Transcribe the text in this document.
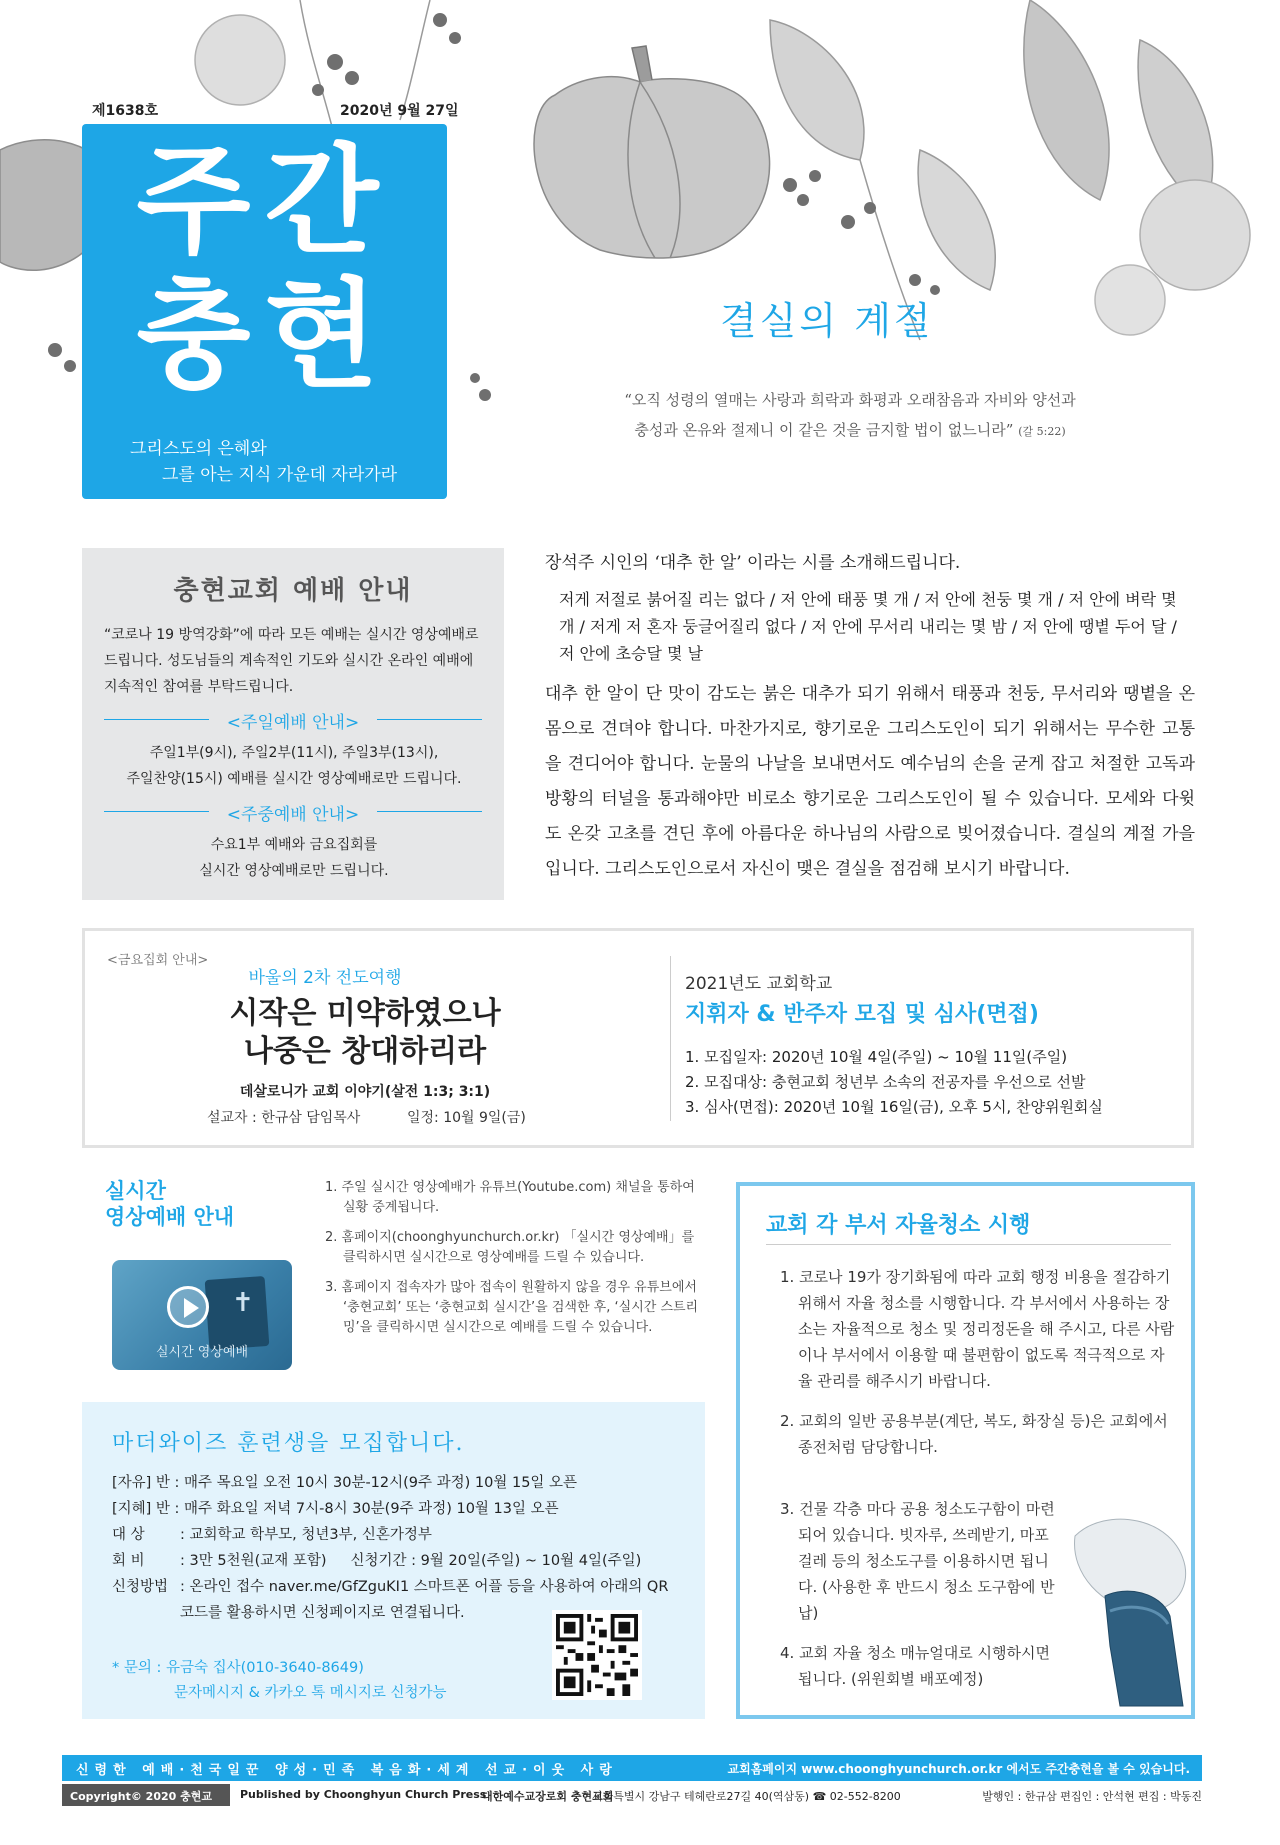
제1638호	2020년 9월 27일
주간
충현
그리스도의 은혜와
그를 아는 지식 가운데 자라가라
결실의 계절
“오직 성령의 열매는 사랑과 희락과 화평과 오래참음과 자비와 양선과
충성과 온유와 절제니 이 같은 것을 금지할 법이 없느니라” (갈 5:22)
충현교회 예배 안내
“코로나 19 방역강화”에 따라 모든 예배는 실시간 영상예배로 드립니다. 성도님들의 계속적인 기도와 실시간 온라인 예배에 지속적인 참여를 부탁드립니다.
<주일예배 안내>
주일1부(9시), 주일2부(11시), 주일3부(13시),
주일찬양(15시) 예배를 실시간 영상예배로만 드립니다.
<주중예배 안내>
수요1부 예배와 금요집회를
실시간 영상예배로만 드립니다.
장석주 시인의 ‘대추 한 알’ 이라는 시를 소개해드립니다.
저게 저절로 붉어질 리는 없다 / 저 안에 태풍 몇 개 / 저 안에 천둥 몇 개 / 저 안에 벼락 몇 개 / 저게 저 혼자 둥글어질리 없다 / 저 안에 무서리 내리는 몇 밤 / 저 안에 땡볕 두어 달 / 저 안에 초승달 몇 날
대추 한 알이 단 맛이 감도는 붉은 대추가 되기 위해서 태풍과 천둥, 무서리와 땡볕을 온 몸으로 견뎌야 합니다. 마찬가지로, 향기로운 그리스도인이 되기 위해서는 무수한 고통을 견디어야 합니다. 눈물의 나날을 보내면서도 예수님의 손을 굳게 잡고 처절한 고독과 방황의 터널을 통과해야만 비로소 향기로운 그리스도인이 될 수 있습니다. 모세와 다윗도 온갖 고초를 견딘 후에 아름다운 하나님의 사람으로 빚어졌습니다. 결실의 계절 가을입니다. 그리스도인으로서 자신이 맺은 결실을 점검해 보시기 바랍니다.
<금요집회 안내>
바울의 2차 전도여행
시작은 미약하였으나
나중은 창대하리라
데살로니가 교회 이야기(살전 1:3; 3:1)
설교자 : 한규삼 담임목사	일정: 10월 9일(금)
2021년도 교회학교
지휘자 & 반주자 모집 및 심사(면접)
1. 모집일자: 2020년 10월 4일(주일) ~ 10월 11일(주일)
2. 모집대상: 충현교회 청년부 소속의 전공자를 우선으로 선발
3. 심사(면접): 2020년 10월 16일(금), 오후 5시, 찬양위원회실
실시간
영상예배 안내
✝
실시간 영상예배
1. 주일 실시간 영상예배가 유튜브(Youtube.com) 채널을 통하여 실황 중계됩니다.
2. 홈페이지(choonghyunchurch.or.kr) 「실시간 영상예배」를 클릭하시면 실시간으로 영상예배를 드릴 수 있습니다.
3. 홈페이지 접속자가 많아 접속이 원활하지 않을 경우 유튜브에서 ‘충현교회’ 또는 ‘충현교회 실시간’을 검색한 후, ‘실시간 스트리밍’을 클릭하시면 실시간으로 예배를 드릴 수 있습니다.
교회 각 부서 자율청소 시행
1. 코로나 19가 장기화됨에 따라 교회 행정 비용을 절감하기 위해서 자율 청소를 시행합니다. 각 부서에서 사용하는 장소는 자율적으로 청소 및 정리정돈을 해 주시고, 다른 사람이나 부서에서 이용할 때 불편함이 없도록 적극적으로 자율 관리를 해주시기 바랍니다.
2. 교회의 일반 공용부분(계단, 복도, 화장실 등)은 교회에서 종전처럼 담당합니다.
3. 건물 각층 마다 공용 청소도구함이 마련되어 있습니다. 빗자루, 쓰레받기, 마포걸레 등의 청소도구를 이용하시면 됩니다. (사용한 후 반드시 청소 도구함에 반납)
4. 교회 자율 청소 매뉴얼대로 시행하시면 됩니다. (위원회별 배포예정)
마더와이즈 훈련생을 모집합니다.
[자유] 반 : 매주 목요일 오전 10시 30분-12시(9주 과정) 10월 15일 오픈
[지혜] 반 : 매주 화요일 저녁 7시-8시 30분(9주 과정) 10월 13일 오픈
대 상	: 교회학교 학부모, 청년3부, 신혼가정부
회 비	: 3만 5천원(교재 포함) 신청기간 : 9월 20일(주일) ~ 10월 4일(주일)
신청방법 : 온라인 접수 naver.me/GfZguKI1 스마트폰 어플 등을 사용하여 아래의 QR
코드를 활용하시면 신청페이지로 연결됩니다.
* 문의 : 유금숙 집사(010-3640-8649)
문자메시지 & 카카오 톡 메시지로 신청가능
신령한 예배·천국일꾼 양성·민족 복음화·세계 선교·이웃 사랑	교회홈페이지 www.choonghyunchurch.or.kr 에서도 주간충현을 볼 수 있습니다.
Copyright© 2020 충현교회
Published by Choonghyun Church Press
대한예수교장로회 충현교회
서울특별시 강남구 테헤란로27길 40(역삼동) ☎ 02-552-8200	발행인 : 한규삼 편집인 : 안석현 편집 : 박동진
